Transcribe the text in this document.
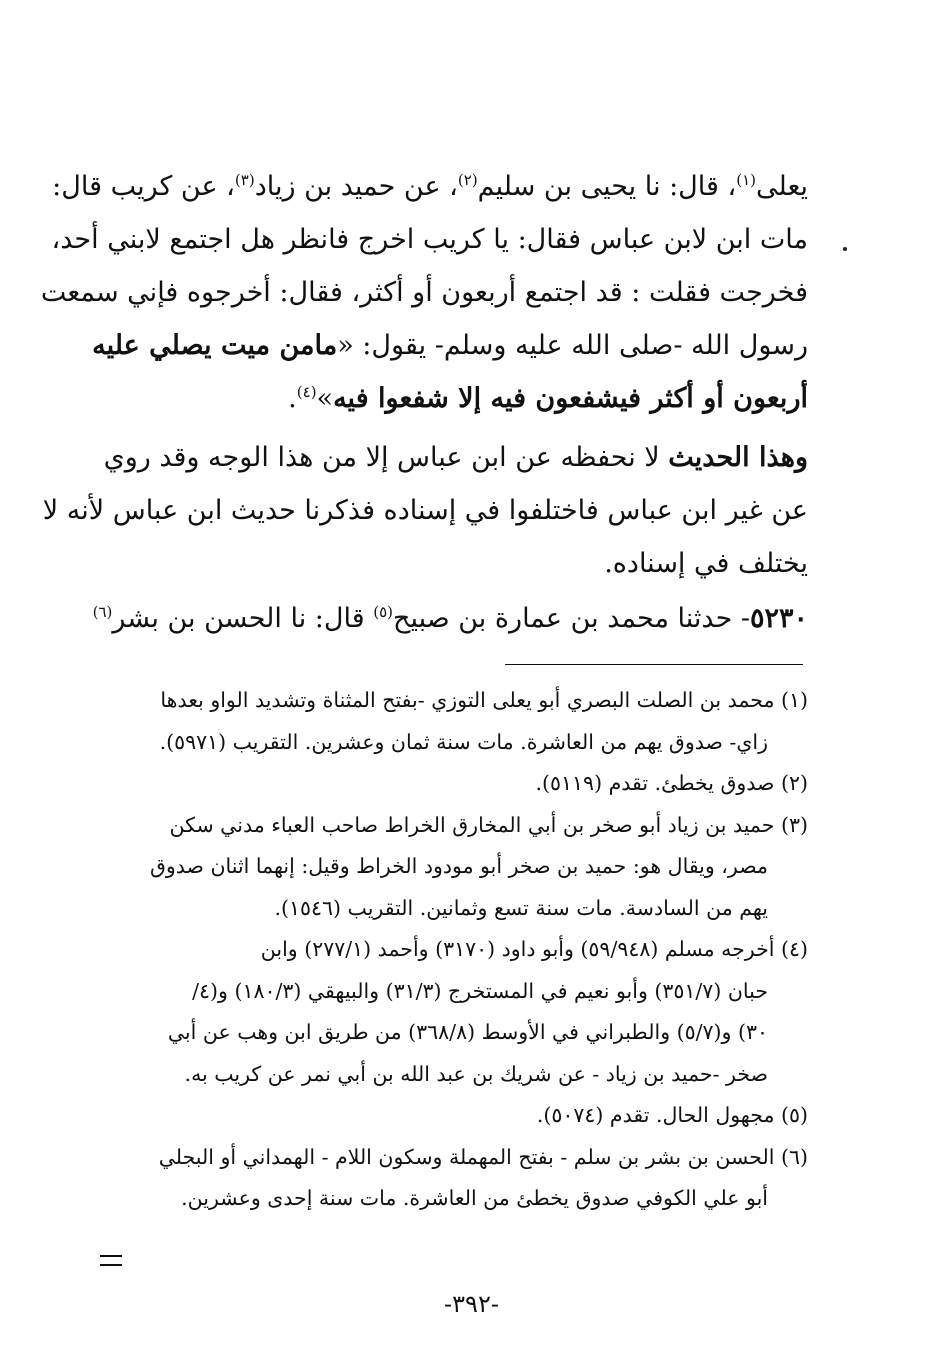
يعلى$^{(١)}$، قال: نا يحيى بن سليم$^{(٢)}$، عن حميد بن زياد$^{(٣)}$، عن كريب قال:
مات ابن لابن عباس فقال: يا كريب اخرج فانظر هل اجتمع لابني أحد،
فخرجت فقلت : قد اجتمع أربعون أو أكثر، فقال: أخرجوه فإني سمعت
رسول الله -صلى الله عليه وسلم- يقول: «مامن ميت يصلي عليه
أربعون أو أكثر فيشفعون فيه إلا شفعوا فيه»$^{(٤)}$.

وهذا الحديث لا نحفظه عن ابن عباس إلا من هذا الوجه وقد روي
عن غير ابن عباس فاختلفوا في إسناده فذكرنا حديث ابن عباس لأنه لا
يختلف في إسناده.

٥٢٣٠- حدثنا محمد بن عمارة بن صبيح$^{(٥)}$ قال: نا الحسن بن بشر$^{(٦)}$

(١) محمد بن الصلت البصري أبو يعلى التوزي -بفتح المثناة وتشديد الواو بعدها
زاي- صدوق يهم من العاشرة. مات سنة ثمان وعشرين. التقريب (٥٩٧١).

(٢) صدوق يخطئ. تقدم (٥١١٩).

(٣) حميد بن زياد أبو صخر بن أبي المخارق الخراط صاحب العباء مدني سكن
مصر، ويقال هو: حميد بن صخر أبو مودود الخراط وقيل: إنهما اثنان صدوق
يهم من السادسة. مات سنة تسع وثمانين. التقريب (١٥٤٦).

(٤) أخرجه مسلم (٥٩/٩٤٨) وأبو داود (٣١٧٠) وأحمد (٢٧٧/١) وابن
حبان (٣٥١/٧) وأبو نعيم في المستخرج (٣١/٣) والبيهقي (١٨٠/٣) و(٤/
٣٠) و(٥/٧) والطبراني في الأوسط (٣٦٨/٨) من طريق ابن وهب عن أبي
صخر -حميد بن زياد - عن شريك بن عبد الله بن أبي نمر عن كريب به.

(٥) مجهول الحال. تقدم (٥٠٧٤).

(٦) الحسن بن بشر بن سلم - بفتح المهملة وسكون اللام - الهمداني أو البجلي
أبو علي الكوفي صدوق يخطئ من العاشرة. مات سنة إحدى وعشرين.

-٣٩٢-
